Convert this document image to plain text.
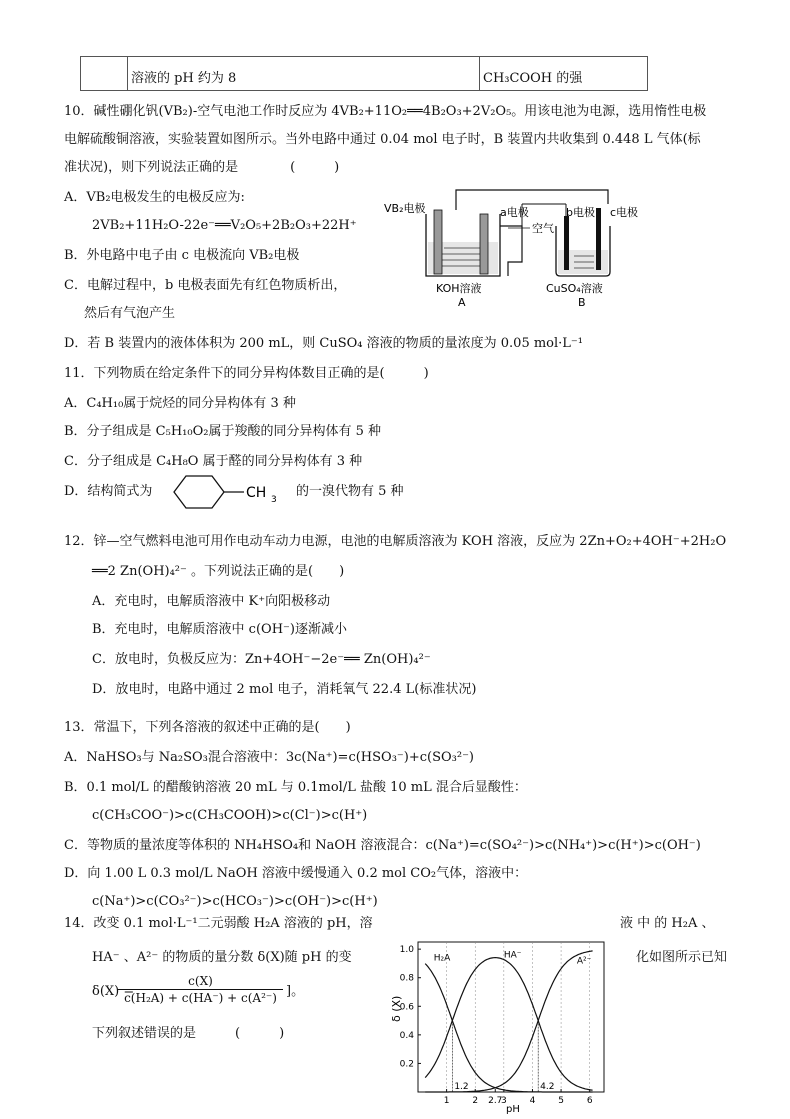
溶液的 pH 约为 8	CH₃COOH 的强
10．碱性硼化钒(VB₂)-空气电池工作时反应为 4VB₂+11O₂══4B₂O₃+2V₂O₅。用该电池为电源，选用惰性电极
电解硫酸铜溶液，实验装置如图所示。当外电路中通过 0.04 mol 电子时，B 装置内共收集到 0.448 L 气体(标
准状况)，则下列说法正确的是　　　　(　　　)
A．VB₂电极发生的电极反应为:
2VB₂+11H₂O-22e⁻══V₂O₅+2B₂O₃+22H⁺
B．外电路中电子由 c 电极流向 VB₂电极
C．电解过程中，b 电极表面先有红色物质析出，
然后有气泡产生
D．若 B 装置内的液体体积为 200 mL，则 CuSO₄ 溶液的物质的量浓度为 0.05 mol·L⁻¹
VB₂电极	a电极
空气
b电极 c电极
KOH溶液
A
CuSO₄溶液
B
11．下列物质在给定条件下的同分异构体数目正确的是(　　　)
A．C₄H₁₀属于烷烃的同分异构体有 3 种
B．分子组成是 C₅H₁₀O₂属于羧酸的同分异构体有 5 种
C．分子组成是 C₄H₈O 属于醛的同分异构体有 3 种
D．结构简式为	CH 3
的一溴代物有 5 种
12．锌—空气燃料电池可用作电动车动力电源，电池的电解质溶液为 KOH 溶液，反应为 2Zn+O₂+4OH⁻+2H₂O
══2 Zn(OH)₄²⁻ 。下列说法正确的是(　　)
A．充电时，电解质溶液中 K⁺向阳极移动
B．充电时，电解质溶液中 c(OH⁻)逐渐减小
C．放电时，负极反应为：Zn+4OH⁻−2e⁻══ Zn(OH)₄²⁻
D．放电时，电路中通过 2 mol 电子，消耗氧气 22.4 L(标准状况)
13．常温下，下列各溶液的叙述中正确的是(　　)
A．NaHSO₃与 Na₂SO₃混合溶液中：3c(Na⁺)=c(HSO₃⁻)+c(SO₃²⁻)
B．0.1 mol/L 的醋酸钠溶液 20 mL 与 0.1mol/L 盐酸 10 mL 混合后显酸性：
c(CH₃COO⁻)>c(CH₃COOH)>c(Cl⁻)>c(H⁺)
C．等物质的量浓度等体积的 NH₄HSO₄和 NaOH 溶液混合：c(Na⁺)=c(SO₄²⁻)>c(NH₄⁺)>c(H⁺)>c(OH⁻)
D．向 1.00 L 0.3 mol/L NaOH 溶液中缓慢通入 0.2 mol CO₂气体，溶液中：
c(Na⁺)>c(CO₃²⁻)>c(HCO₃⁻)>c(OH⁻)>c(H⁺)
14．改变 0.1 mol·L⁻¹二元弱酸 H₂A 溶液的 pH，溶	液 中 的 H₂A 、
HA⁻ 、A²⁻ 的物质的量分数 δ(X)随 pH 的变	化如图所示已知
δ(X) =
c(X)
c(H₂A) + c(HA⁻) + c(A²⁻) ]。
下列叙述错误的是　　　(　　　)
1.0
0.8
0.6
0.4
0.2
1	2 2.7
3	4	5	6
H₂A	HA⁻
A²⁻
1.2	4.2
δ (X)
pH
